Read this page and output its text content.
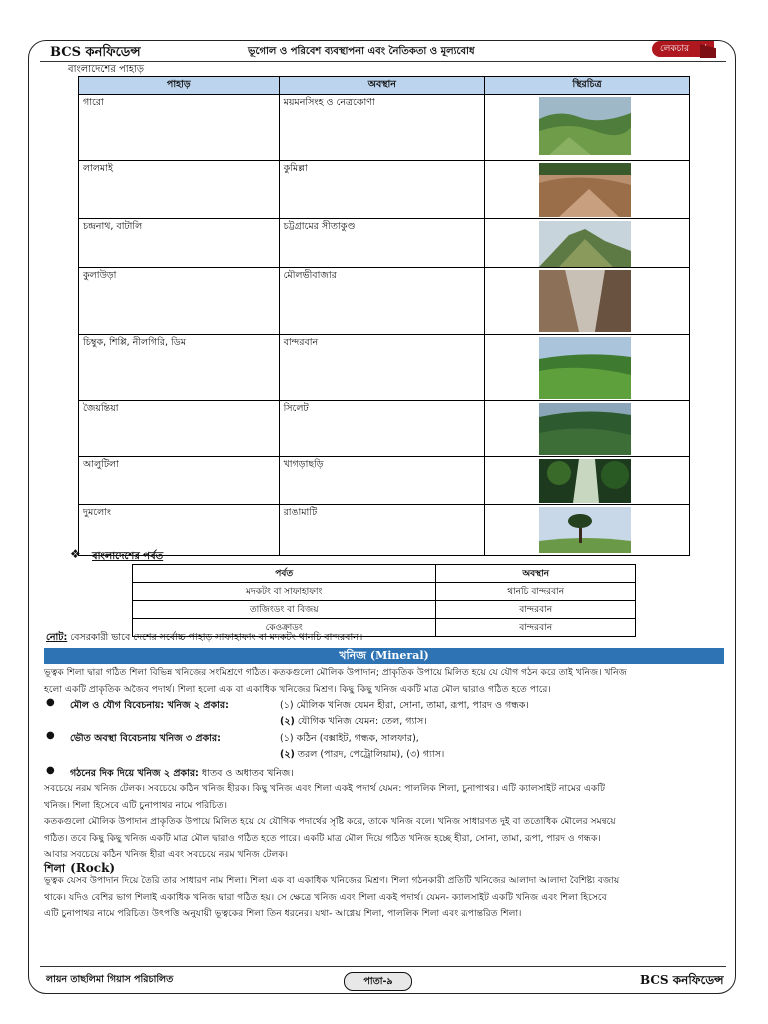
BCS কনফিডেন্স	ভূগোল ও পরিবেশ ব্যবস্থাপনা এবং নৈতিকতা ও মূল্যবোধ	লেকচার
বাংলাদেশের পাহাড়
পাহাড়	অবস্থান	স্থিরচিত্র
গারো	ময়মনসিংহ ও নেত্রকোণা	

লালমাই	কুমিল্লা	

চন্দ্রনাথ, বাটালি	চট্টগ্রামের সীতাকুণ্ড	

কুলাউড়া	মৌলভীবাজার	

চিম্বুক, শিপ্পি, নীলগিরি, ডিম	বান্দরবান	

জৈয়ন্তিয়া	সিলেট	

আলুটিলা	খাগড়াছড়ি	

দুমলোং	রাঙামাটি	
❖ বাংলাদেশের পর্বত
পর্বত	অবস্থান
মদকটং বা সাফাহাফাং	থানচি বান্দরবান
তাজিংডং বা বিজয়	বান্দরবান
কেওক্রাডং	বান্দরবান
নোট: বেসরকারী ভাবে দেশের সর্বোচ্চ পাহাড় সাফাহাফাং বা মদকটং থানচি বান্দরবান।
খনিজ (Mineral)
ভূত্বক শিলা দ্বারা গঠিত শিলা বিভিন্ন খনিজের সংমিশ্রণে গঠিত। কতকগুলো মৌলিক উপাদান; প্রাকৃতিক উপায়ে মিলিত হয়ে যে যৌগ গঠন করে তাই খনিজ। খনিজ
হলো একটি প্রাকৃতিক অজৈব পদার্থ। শিলা হলো এক বা একাধিক খনিজের মিশ্রণ। কিছু কিছু খনিজ একটি মাত্র মৌল দ্বারাও গঠিত হতে পারে।
● মৌল ও যৌগ বিবেচনায়: খনিজ ২ প্রকার:	(১) মৌলিক খনিজ যেমন হীরা, সোনা, তামা, রূপা, পারদ ও গন্ধক।
(২) যৌগিক খনিজ যেমন: তেল, গ্যাস।
● ভৌত অবস্থা বিবেচনায় খনিজ ৩ প্রকার:	(১) কঠিন (বক্সাইট, গন্ধক, সালফার),
(২) তরল (পারদ, পেট্রোলিয়াম), (৩) গ্যাস।
● গঠনের দিক দিয়ে খনিজ ২ প্রকার: ধাতব ও অধাতব খনিজ।
সবচেয়ে নরম খনিজ টেলক। সবচেয়ে কঠিন খনিজ হীরক। কিছু খনিজ এবং শিলা একই পদার্থ যেমন: পাললিক শিলা, চুনাপাথর। এটি ক্যালসাইট নামের একটি
খনিজ। শিলা হিসেবে এটি চুনাপাথর নামে পরিচিত।
কতকগুলো মৌলিক উপাদান প্রাকৃতিক উপায়ে মিলিত হয়ে যে যৌগিক পদার্থের সৃষ্টি করে, তাকে খনিজ বলে। খনিজ সাধারণত দুই বা ততোধিক মৌলের সমন্বয়ে
গঠিত। তবে কিছু কিছু খনিজ একটি মাত্র মৌল দ্বারাও গঠিত হতে পারে। একটি মাত্র মৌল দিয়ে গঠিত খনিজ হচ্ছে হীরা, সোনা, তামা, রূপা, পারদ ও গন্ধক।
আবার সবচেয়ে কঠিন খনিজ হীরা এবং সবচেয়ে নরম খনিজ টেলক।
শিলা (Rock)
ভূত্বক যেসব উপাদান দিয়ে তৈরি তার সাধারণ নাম শিলা। শিলা এক বা একাধিক খনিজের মিশ্রণ। শিলা গঠনকারী প্রতিটি খনিজের আলাদা আলাদা বৈশিষ্ট্য বজায়
থাকে। যদিও বেশির ভাগ শিলাই একাধিক খনিজ দ্বারা গঠিত হয়। সে ক্ষেত্রে খনিজ এবং শিলা একই পদার্থ। যেমন- ক্যালসাইট একটি খনিজ এবং শিলা হিসেবে
এটি চুনাপাথর নামে পরিচিত। উৎপত্তি অনুযায়ী ভূত্বকের শিলা তিন ধরনের। যথা- আগ্নেয় শিলা, পাললিক শিলা এবং রূপান্তরিত শিলা।
লায়ন তাছলিমা গিয়াস পরিচালিত	পাতা-৯	BCS কনফিডেন্স
